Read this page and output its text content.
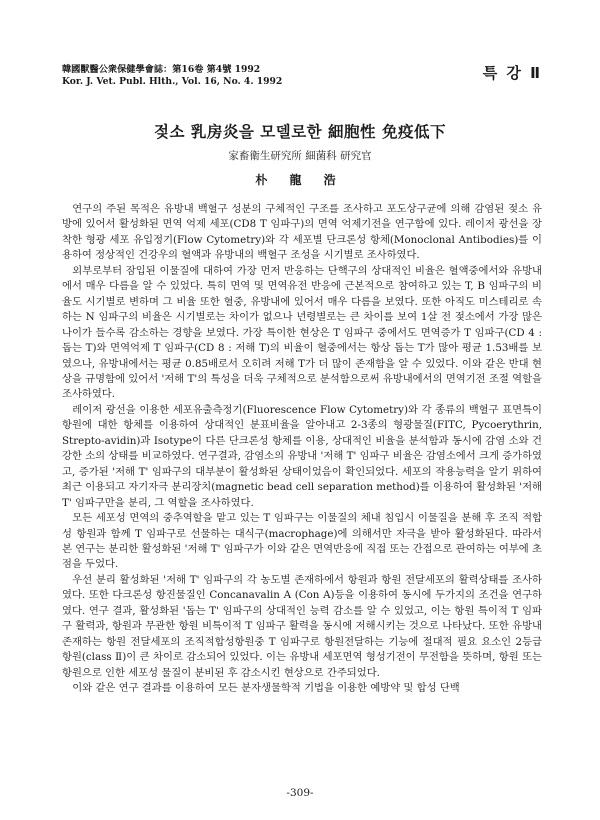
韓國獸醫公衆保健學會誌：第16卷 第4號 1992
Kor. J. Vet. Publ. Hlth., Vol. 16, No. 4. 1992	특 강 Ⅱ
젖소 乳房炎을 모델로한 細胞性 免疫低下
家畜衛生研究所 細菌科 研究官
朴 龍 浩

연구의 주된 목적은 유방내 백혈구 성분의 구체적인 구조를 조사하고 포도상구균에 의해 감염된 젖소 유방에 있어서 활성화된 면역 억제 세포(CD8 T 임파구)의 면역 억제기전을 연구함에 있다. 레이저 광선을 장착한 형광 세포 유입정기(Flow Cytometry)와 각 세포별 단크론성 항체(Monoclonal Antibodies)를 이용하여 정상적인 건강우의 혈액과 유방내의 백혈구 조성을 시기별로 조사하였다.

외부로부터 잠입된 이물질에 대하여 가장 먼저 반응하는 단핵구의 상대적인 비율은 혈액중에서와 유방내에서 매우 다름을 알 수 있었다. 특히 면역 및 면역유전 반응에 근본적으로 참여하고 있는 T, B 임파구의 비율도 시기별로 변하며 그 비율 또한 혈중, 유방내에 있어서 매우 다름을 보였다. 또한 아직도 미스테리로 속하는 N 임파구의 비율은 시기별로는 차이가 없으나 년령별로는 큰 차이를 보여 1살 전 젖소에서 가장 많은 나이가 들수록 감소하는 경향을 보였다. 가장 특이한 현상은 T 임파구 중에서도 면역증가 T 임파구(CD 4 : 돕는 T)와 면역억제 T 임파구(CD 8 : 저해 T)의 비율이 혈중에서는 항상 돕는 T가 많아 평균 1.53배를 보였으나, 유방내에서는 평균 0.85배로서 오히려 저해 T가 더 많이 존재함을 알 수 있었다. 이와 같은 반대 현상을 규명함에 있어서 '저해 T'의 특성을 더욱 구체적으로 분석함으로써 유방내에서의 면역기전 조절 역할을 조사하였다.

레이저 광선을 이용한 세포유출측정기(Fluorescence Flow Cytometry)와 각 종류의 백혈구 표면특이항원에 대한 항체를 이용하여 상대적인 분표비율을 알아내고 2-3종의 형광물질(FITC, Pycoerythrin, Strepto-avidin)과 Isotype이 다른 단크론성 항체를 이용, 상대적인 비율을 분석함과 동시에 감염 소와 건강한 소의 상태를 비교하였다. 연구결과, 감염소의 유방내 '저해 T' 임파구 비율은 감염소에서 크게 증가하였고, 증가된 '저해 T' 임파구의 대부분이 활성화된 상태이었음이 확인되었다. 세포의 작용능력을 알기 위하여 최근 이용되고 자기자극 분리장치(magnetic bead cell separation method)를 이용하여 활성화된 '저해 T' 임파구만을 분리, 그 역할을 조사하였다.

모든 세포성 면역의 중추역할을 맡고 있는 T 임파구는 이물질의 체내 침입시 이물질을 분해 후 조직 적합성 항원과 함께 T 임파구로 선물하는 대식구(macrophage)에 의해서만 자극을 받아 활성화된다. 따라서 본 연구는 분리한 활성화된 '저해 T' 임파구가 이와 같은 면역반응에 직접 또는 간접으로 관여하는 여부에 초점을 두었다.

우선 분리 활성화된 '저해 T' 임파구의 각 농도별 존재하에서 항원과 항원 전달세포의 활력상태를 조사하였다. 또한 다크론성 항진물질인 Concanavalin A (Con A)등을 이용하여 동시에 두가지의 조건을 연구하였다. 연구 결과, 활성화된 '돕는 T' 임파구의 상대적인 능력 감소를 알 수 있었고, 이는 항원 특이적 T 임파구 활력과, 항원과 무관한 항원 비특이적 T 임파구 활력을 동시에 저해시키는 것으로 나타났다. 또한 유방내 존재하는 항원 전달세포의 조직적합성항원중 T 임파구로 항원전달하는 기능에 절대적 필요 요소인 2등급 항원(class Ⅱ)이 큰 차이로 감소되어 있었다. 이는 유방내 세포면역 형성기전이 무전함을 뜻하며, 항원 또는 항원으로 인한 세포성 물질이 분비된 후 감소시킨 현상으로 간주되었다.

이와 같은 연구 결과를 이용하여 모든 분자생물학적 기법을 이용한 예방약 및 합성 단백

-309-
